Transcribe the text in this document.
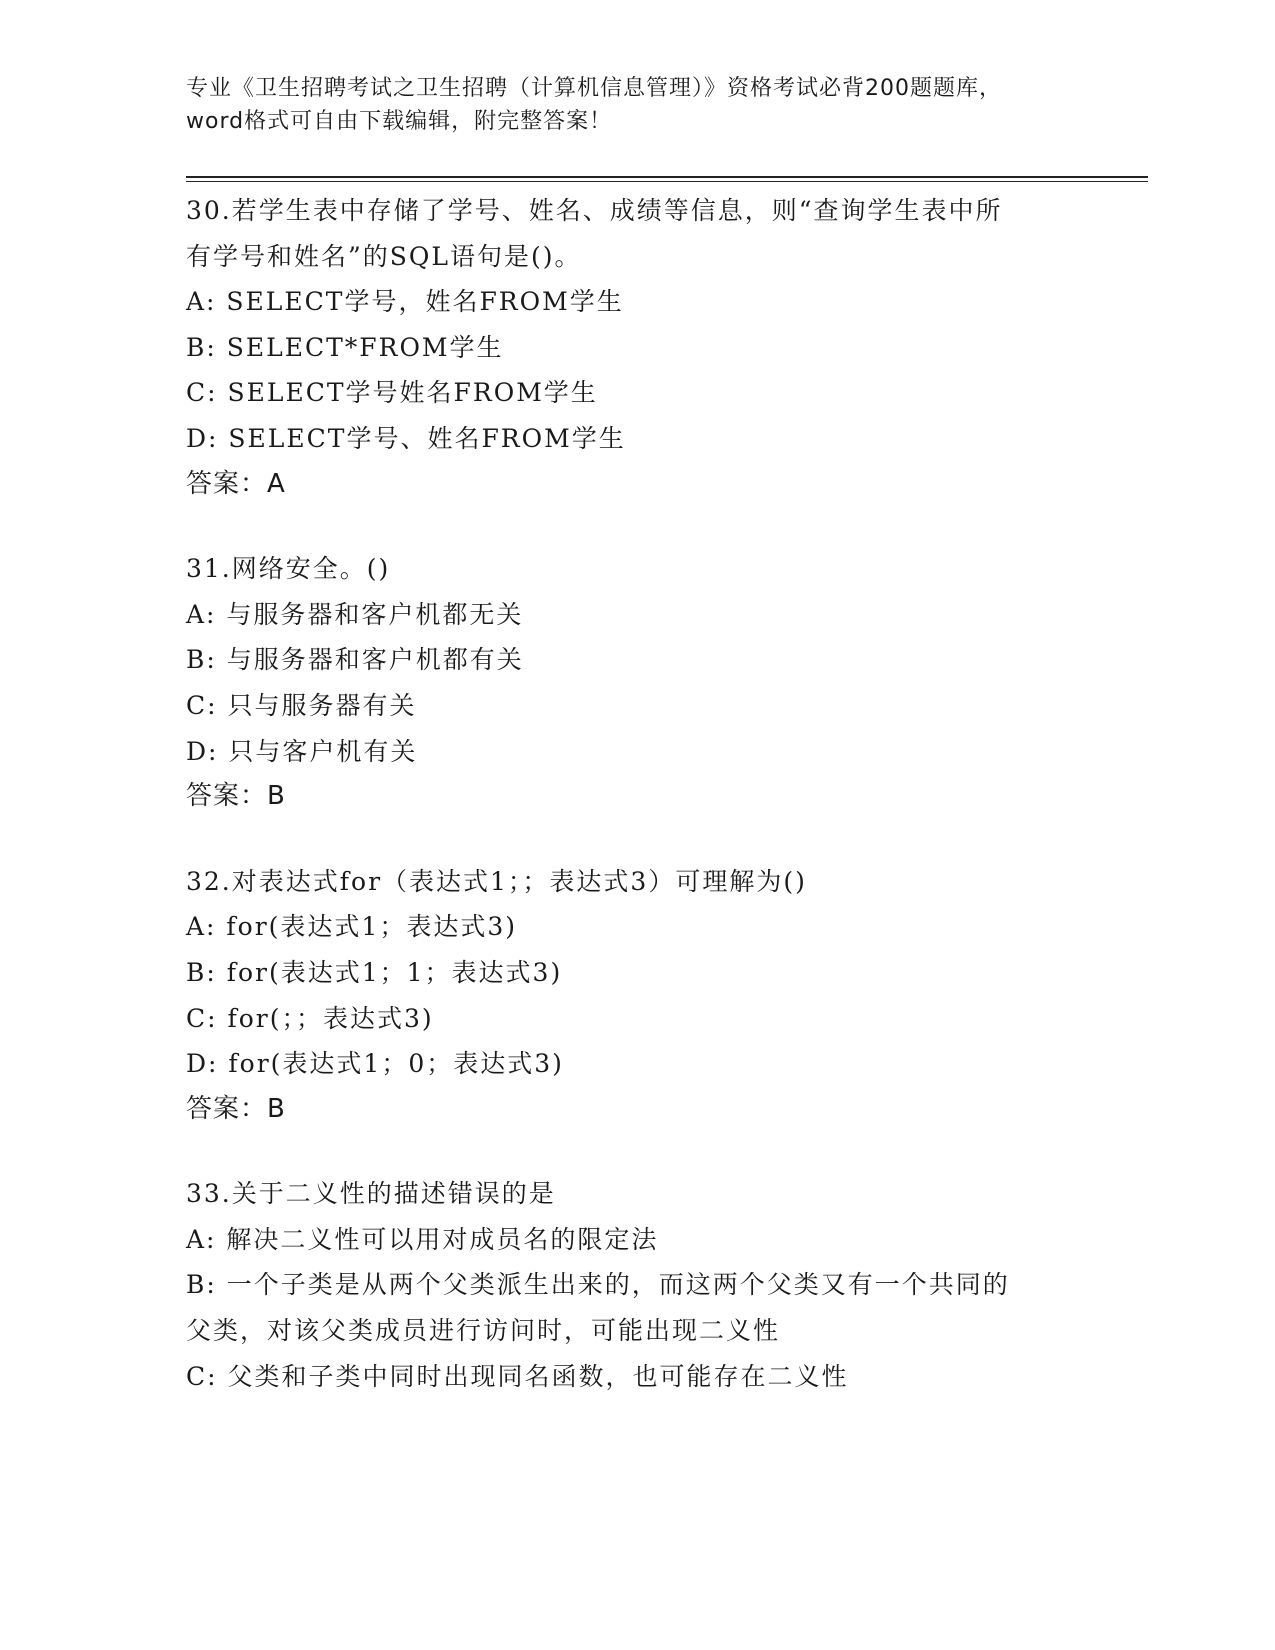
专业《卫生招聘考试之卫生招聘（计算机信息管理）》资格考试必背200题题库，
word格式可自由下载编辑，附完整答案！
30.若学生表中存储了学号、姓名、成绩等信息，则“查询学生表中所
有学号和姓名”的SQL语句是()。
A: SELECT学号，姓名FROM学生
B: SELECT*FROM学生
C: SELECT学号姓名FROM学生
D: SELECT学号、姓名FROM学生
答案：A
31.网络安全。()
A: 与服务器和客户机都无关
B: 与服务器和客户机都有关
C: 只与服务器有关
D: 只与客户机有关
答案：B
32.对表达式for（表达式1；；表达式3）可理解为()
A: for(表达式1；表达式3)
B: for(表达式1；1；表达式3)
C: for(；；表达式3)
D: for(表达式1；0；表达式3)
答案：B
33.关于二义性的描述错误的是
A: 解决二义性可以用对成员名的限定法
B: 一个子类是从两个父类派生出来的，而这两个父类又有一个共同的
父类，对该父类成员进行访问时，可能出现二义性
C: 父类和子类中同时出现同名函数，也可能存在二义性
